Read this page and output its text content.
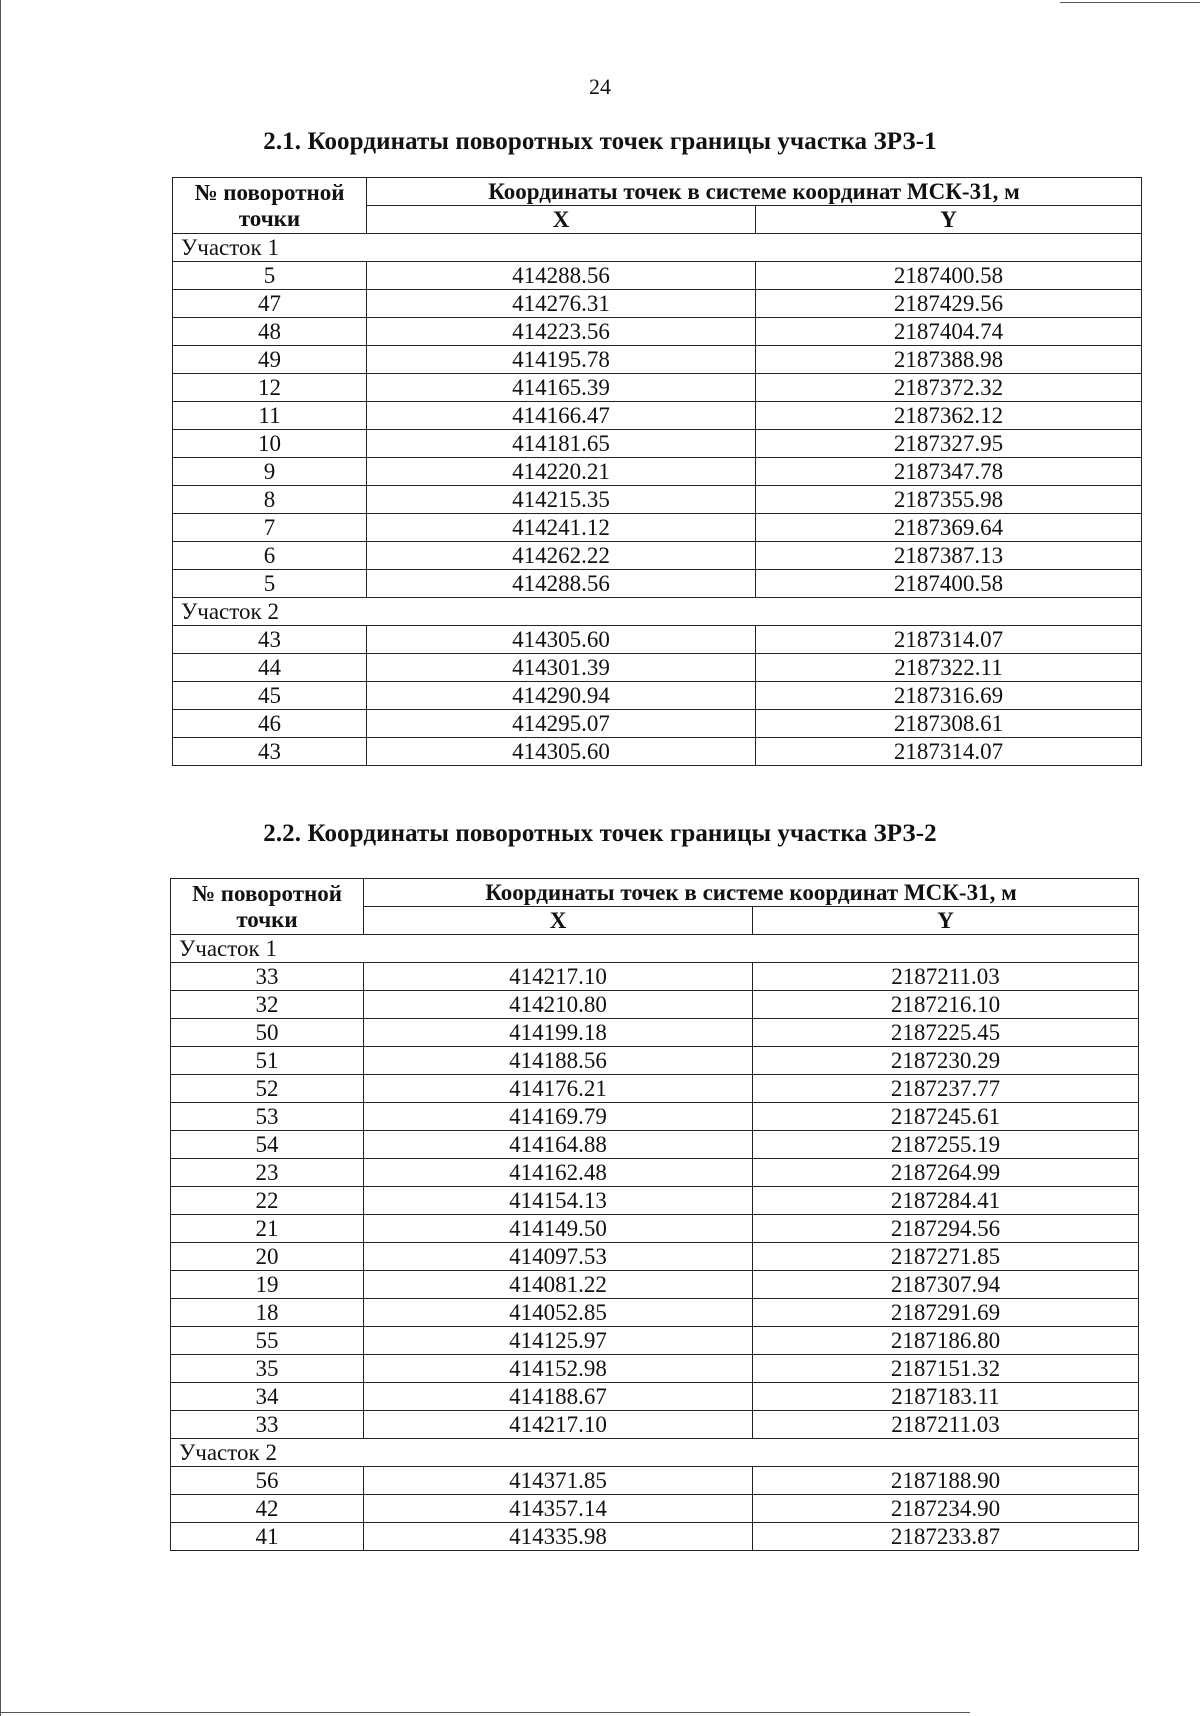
24
2.1. Координаты поворотных точек границы участка ЗРЗ-1
№ поворотной точки	Координаты точек в системе координат МСК-31, м	
	X	Y
Участок 1		
5	414288.56	2187400.58
47	414276.31	2187429.56
48	414223.56	2187404.74
49	414195.78	2187388.98
12	414165.39	2187372.32
11	414166.47	2187362.12
10	414181.65	2187327.95
9	414220.21	2187347.78
8	414215.35	2187355.98
7	414241.12	2187369.64
6	414262.22	2187387.13
5	414288.56	2187400.58
Участок 2		
43	414305.60	2187314.07
44	414301.39	2187322.11
45	414290.94	2187316.69
46	414295.07	2187308.61
43	414305.60	2187314.07
2.2. Координаты поворотных точек границы участка ЗРЗ-2
№ поворотной точки	Координаты точек в системе координат МСК-31, м	
	X	Y
Участок 1		
33	414217.10	2187211.03
32	414210.80	2187216.10
50	414199.18	2187225.45
51	414188.56	2187230.29
52	414176.21	2187237.77
53	414169.79	2187245.61
54	414164.88	2187255.19
23	414162.48	2187264.99
22	414154.13	2187284.41
21	414149.50	2187294.56
20	414097.53	2187271.85
19	414081.22	2187307.94
18	414052.85	2187291.69
55	414125.97	2187186.80
35	414152.98	2187151.32
34	414188.67	2187183.11
33	414217.10	2187211.03
Участок 2		
56	414371.85	2187188.90
42	414357.14	2187234.90
41	414335.98	2187233.87
